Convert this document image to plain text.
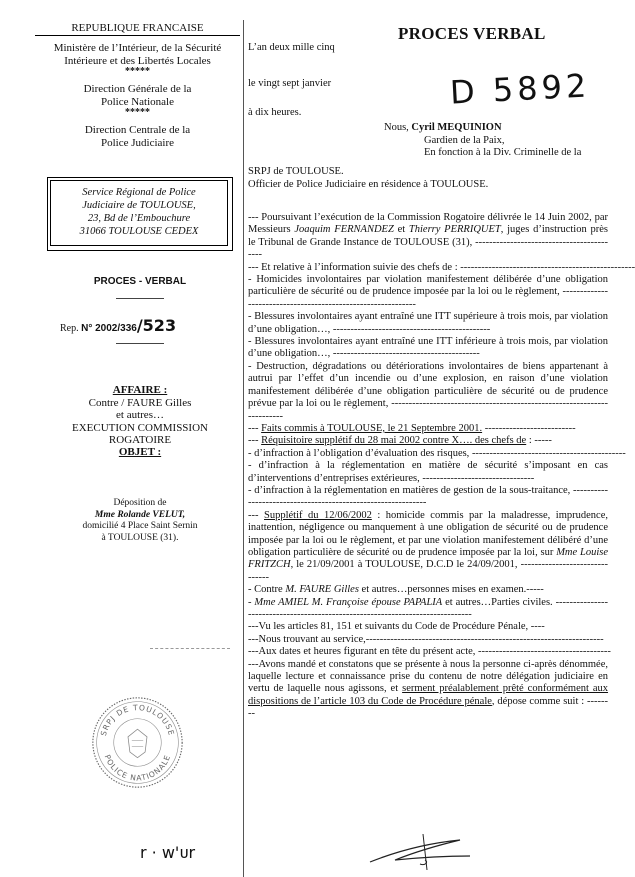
REPUBLIQUE FRANCAISE
Ministère de l’Intérieur, de la Sécurité
Intérieure et des Libertés Locales
*****
Direction Générale de la
Police Nationale
*****
Direction Centrale de la
Police Judiciaire
Service Régional de Police
Judiciaire de TOULOUSE,
23, Bd de l’Embouchure
31066 TOULOUSE CEDEX
PROCES - VERBAL
Rep. N° 2002/336/523
AFFAIRE :
Contre / FAURE Gilles
et autres…
EXECUTION COMMISSION
ROGATOIRE
OBJET :
Déposition de
Mme Rolande VELUT,
domicilié 4 Place Saint Sernin
à TOULOUSE (31).
SRPJ DE TOULOUSE
POLICE NATIONALE
r · ᴡ'ᴜr
PROCES VERBAL
L’an deux mille cinq
le vingt sept janvier
à dix heures.
D 5892
Nous, Cyril MEQUINION
Gardien de la Paix,
En fonction à la Div. Criminelle de la
SRPJ de TOULOUSE.
Officier de Police Judiciaire en résidence à TOULOUSE.

--- Poursuivant l’exécution de la Commission Rogatoire délivrée le 14 Juin 2002, par Messieurs Joaquim FERNANDEZ et Thierry PERRIQUET, juges d’instruction près le Tribunal de Grande Instance de TOULOUSE (31), ------------------------------------------

--- Et relative à l’information suivie des chefs de : --------------------------------------------------

- Homicides involontaires par violation manifestement délibérée d’une obligation particulière de sécurité ou de prudence imposée par la loi ou le règlement, -------------------------------------------------------------

- Blessures involontaires ayant entraîné une ITT supérieure à trois mois, par violation d’une obligation…, ---------------------------------------------

- Blessures involontaires ayant entraîné une ITT inférieure à trois mois, par violation d’une obligation…, ------------------------------------------

- Destruction, dégradations ou détériorations involontaires de biens appartenant à autrui par l’effet d’un incendie ou d’une explosion, en raison d’une violation manifestement délibérée d’une obligation particulière de sécurité ou de prudence prévue par la loi ou le règlement, ------------------------------------------------------------------------

--- Faits commis à TOULOUSE, le 21 Septembre 2001. --------------------------

--- Réquisitoire supplétif du 28 mai 2002 contre X…. des chefs de : -----

- d’infraction à l’obligation d’évaluation des risques, --------------------------------------------

- d’infraction à la réglementation en matière de sécurité s’imposant en cas d’interventions d’entreprises extérieures, --------------------------------

- d’infraction à la réglementation en matières de gestion de la sous-traitance, -------------------------------------------------------------

--- Supplétif du 12/06/2002 : homicide commis par la maladresse, imprudence, inattention, négligence ou manquement à une obligation de sécurité ou de prudence imposée par la loi ou le règlement, et par une violation manifestement délibéré d’une obligation particulière de sécurité ou de prudence imposée par la loi, sur Mme Louise FRITZCH, le 21/09/2001 à TOULOUSE, D.C.D le 24/09/2001, -------------------------------

- Contre M. FAURE Gilles et autres…personnes mises en examen.-----

- Mme AMIEL M. Françoise épouse PAPALIA et autres…Parties civiles. -------------------------------------------------------------------------------

---Vu les articles 81, 151 et suivants du Code de Procédure Pénale, ----

---Nous trouvant au service,--------------------------------------------------------------------

---Aux dates et heures figurant en tête du présent acte, --------------------------------------

---Avons mandé et constatons que se présente à nous la personne ci-après dénommée, laquelle lecture et connaissance prise du contenu de notre délégation judiciaire en vertu de laquelle nous agissons, et serment préalablement prêté conformément aux dispositions de l’article 103 du Code de Procédure pénale, dépose comme suit : --------
